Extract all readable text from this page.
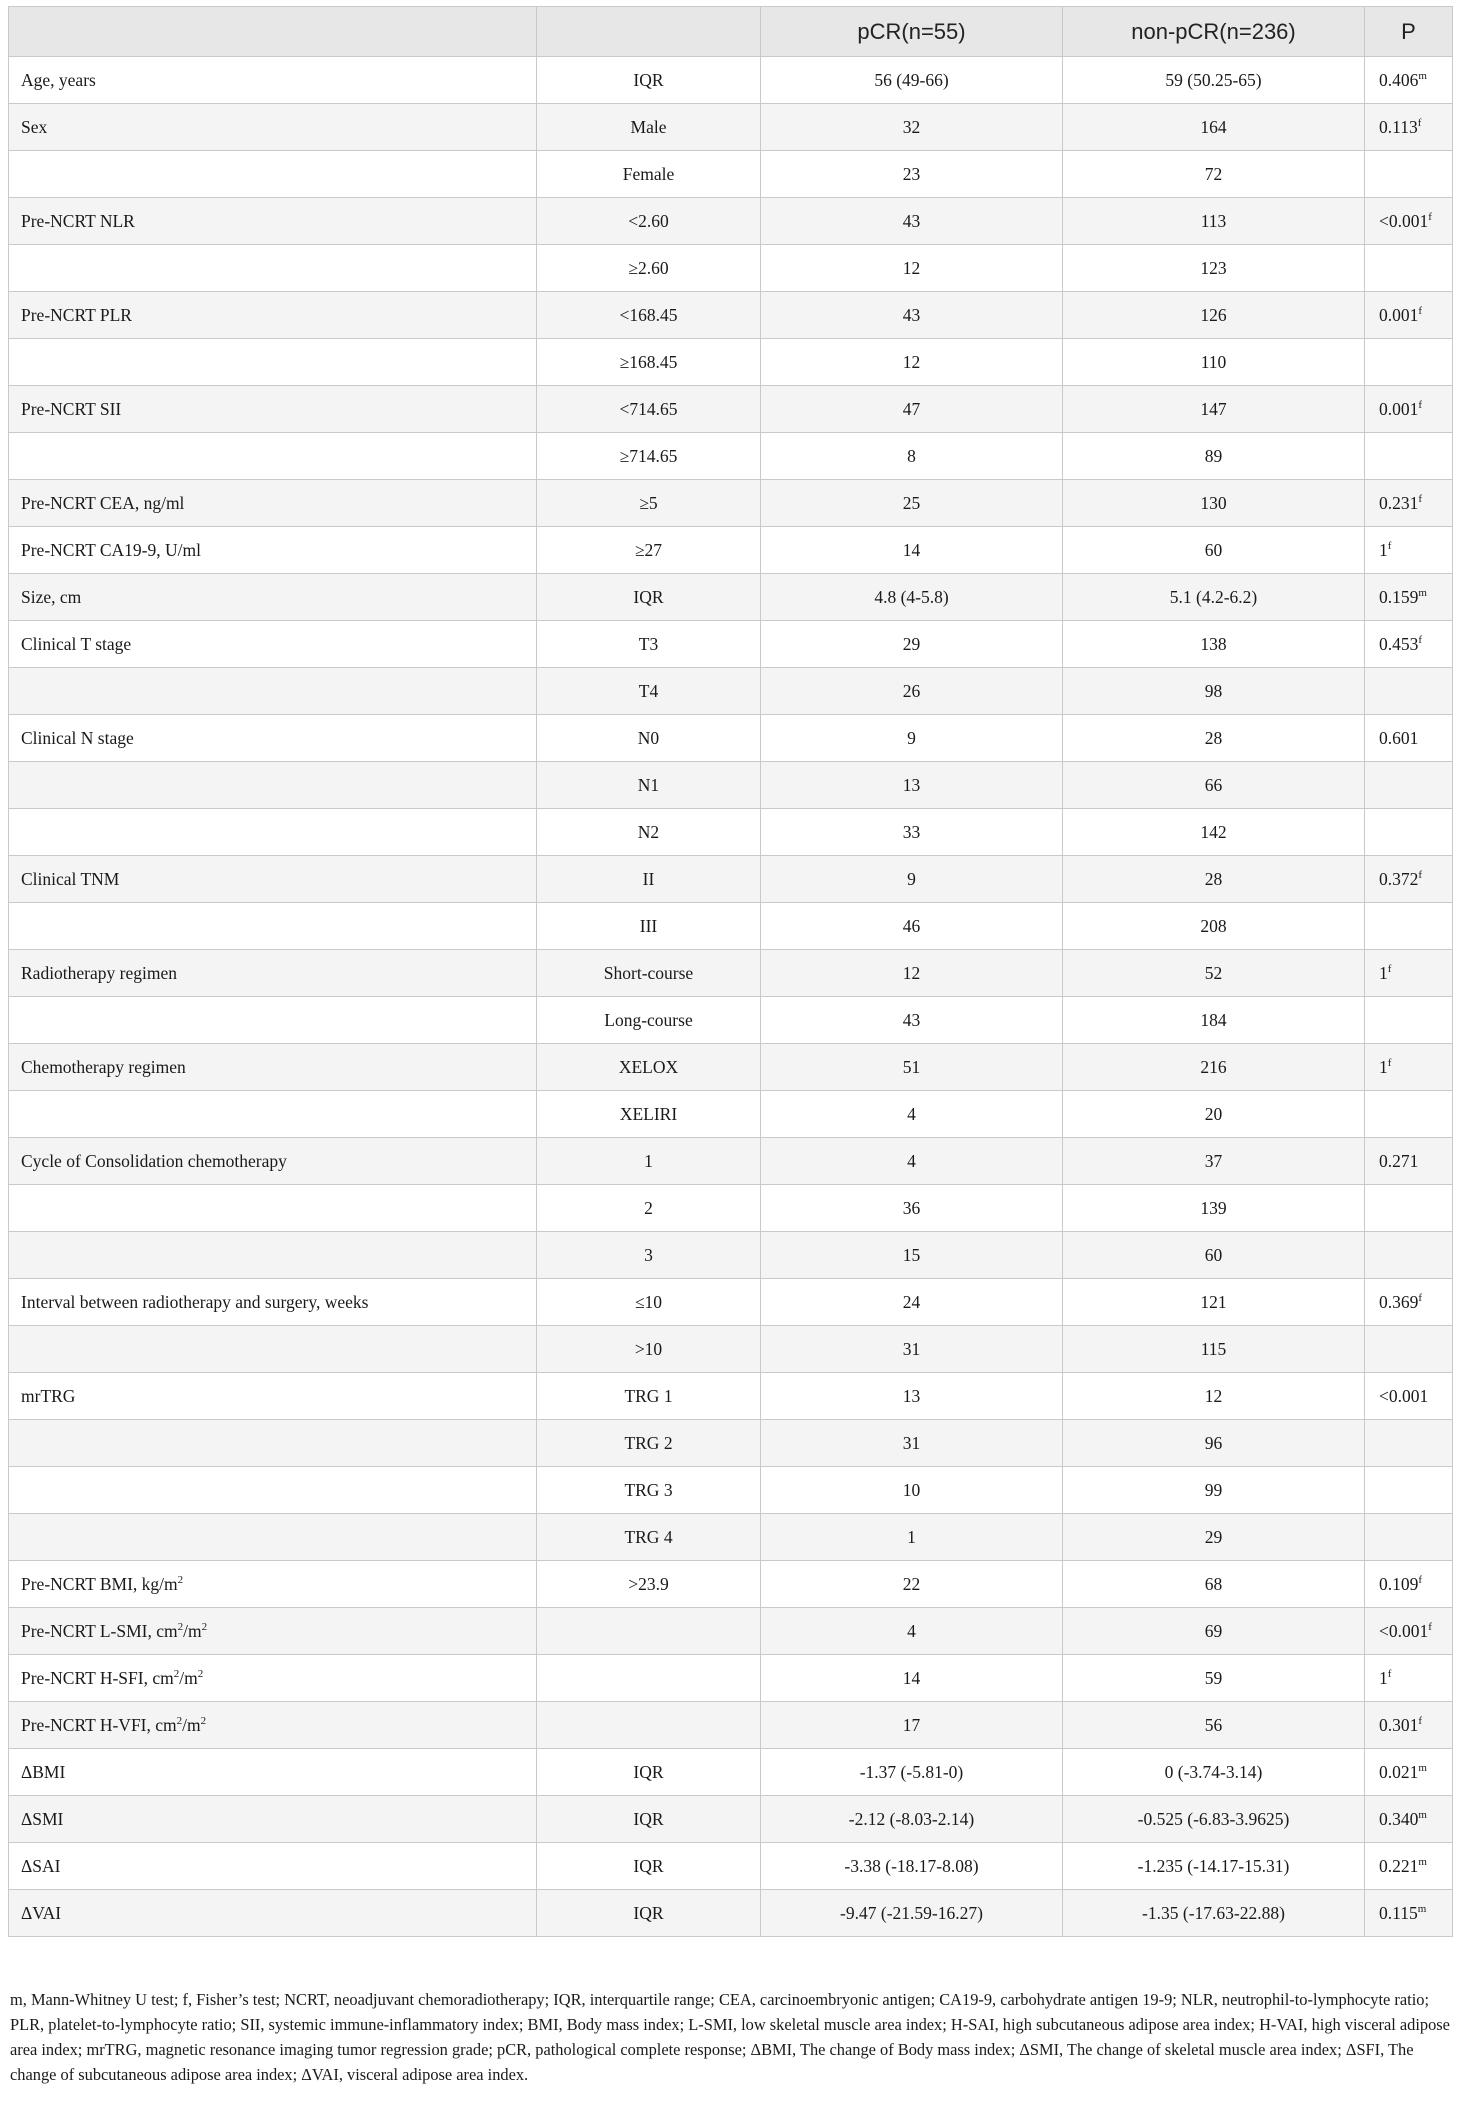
		pCR(n=55)	non-pCR(n=236)	P
Age, years	IQR	56 (49-66)	59 (50.25-65)	0.406$^m$
Sex	Male	32	164	0.113$^f$
	Female	23	72	
Pre-NCRT NLR	<2.60	43	113	<0.001$^f$
	≥2.60	12	123	
Pre-NCRT PLR	<168.45	43	126	0.001$^f$
	≥168.45	12	110	
Pre-NCRT SII	<714.65	47	147	0.001$^f$
	≥714.65	8	89	
Pre-NCRT CEA, ng/ml	≥5	25	130	0.231$^f$
Pre-NCRT CA19-9, U/ml	≥27	14	60	1$^f$
Size, cm	IQR	4.8 (4-5.8)	5.1 (4.2-6.2)	0.159$^m$
Clinical T stage	T3	29	138	0.453$^f$
	T4	26	98	
Clinical N stage	N0	9	28	0.601
	N1	13	66	
	N2	33	142	
Clinical TNM	II	9	28	0.372$^f$
	III	46	208	
Radiotherapy regimen	Short-course	12	52	1$^f$
	Long-course	43	184	
Chemotherapy regimen	XELOX	51	216	1$^f$
	XELIRI	4	20	
Cycle of Consolidation chemotherapy	1	4	37	0.271
	2	36	139	
	3	15	60	
Interval between radiotherapy and surgery, weeks	≤10	24	121	0.369$^f$
	>10	31	115	
mrTRG	TRG 1	13	12	<0.001
	TRG 2	31	96	
	TRG 3	10	99	
	TRG 4	1	29	
Pre-NCRT BMI, $kg/m^2$	>23.9	22	68	0.109$^f$
Pre-NCRT L-SMI, $cm^2/m^2$		4	69	<0.001$^f$
Pre-NCRT H-SFI, $cm^2/m^2$		14	59	1$^f$
Pre-NCRT H-VFI, $cm^2/m^2$		17	56	0.301$^f$
ΔBMI	IQR	-1.37 (-5.81-0)	0 (-3.74-3.14)	0.021$^m$
ΔSMI	IQR	-2.12 (-8.03-2.14)	-0.525 (-6.83-3.9625)	0.340$^m$
ΔSAI	IQR	-3.38 (-18.17-8.08)	-1.235 (-14.17-15.31)	0.221$^m$
ΔVAI	IQR	-9.47 (-21.59-16.27)	-1.35 (-17.63-22.88)	0.115$^m$

m, Mann-Whitney U test; f, Fisher’s test; NCRT, neoadjuvant chemoradiotherapy; IQR, interquartile range; CEA, carcinoembryonic antigen; CA19-9, carbohydrate antigen 19-9; NLR, neutrophil-to-lymphocyte ratio; PLR, platelet-to-lymphocyte ratio; SII, systemic immune-inflammatory index; BMI, Body mass index; L-SMI, low skeletal muscle area index; H-SAI, high subcutaneous adipose area index; H-VAI, high visceral adipose area index; mrTRG, magnetic resonance imaging tumor regression grade; pCR, pathological complete response; ΔBMI, The change of Body mass index; ΔSMI, The change of skeletal muscle area index; ΔSFI, The change of subcutaneous adipose area index; ΔVAI, visceral adipose area index.
